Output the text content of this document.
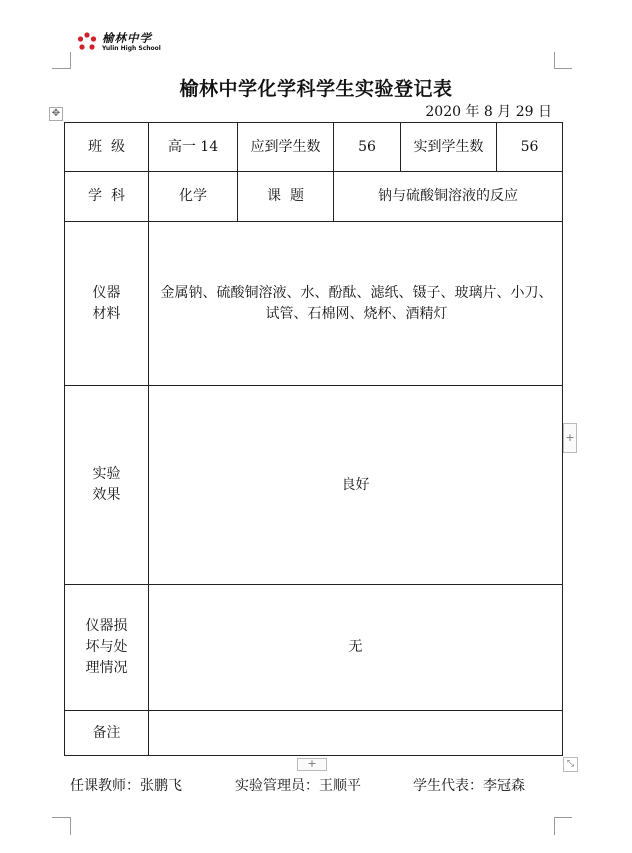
榆林中学
Yulin High School
榆林中学化学科学生实验登记表
2020 年 8 月 29 日
✥
班  级	高一 14	应到学生数	56	实到学生数	56
学  科	化学	课  题	钠与硫酸铜溶液的反应		
仪器
材料	金属钠、硫酸铜溶液、水、酚酞、滤纸、镊子、玻璃片、小刀、试管、石棉网、烧杯、酒精灯				
实验
效果	良好				
仪器损
坏与处
理情况	无				
备注					
+
+	⤡
任课教师：张鹏飞	实验管理员：王顺平	学生代表：李冠森
